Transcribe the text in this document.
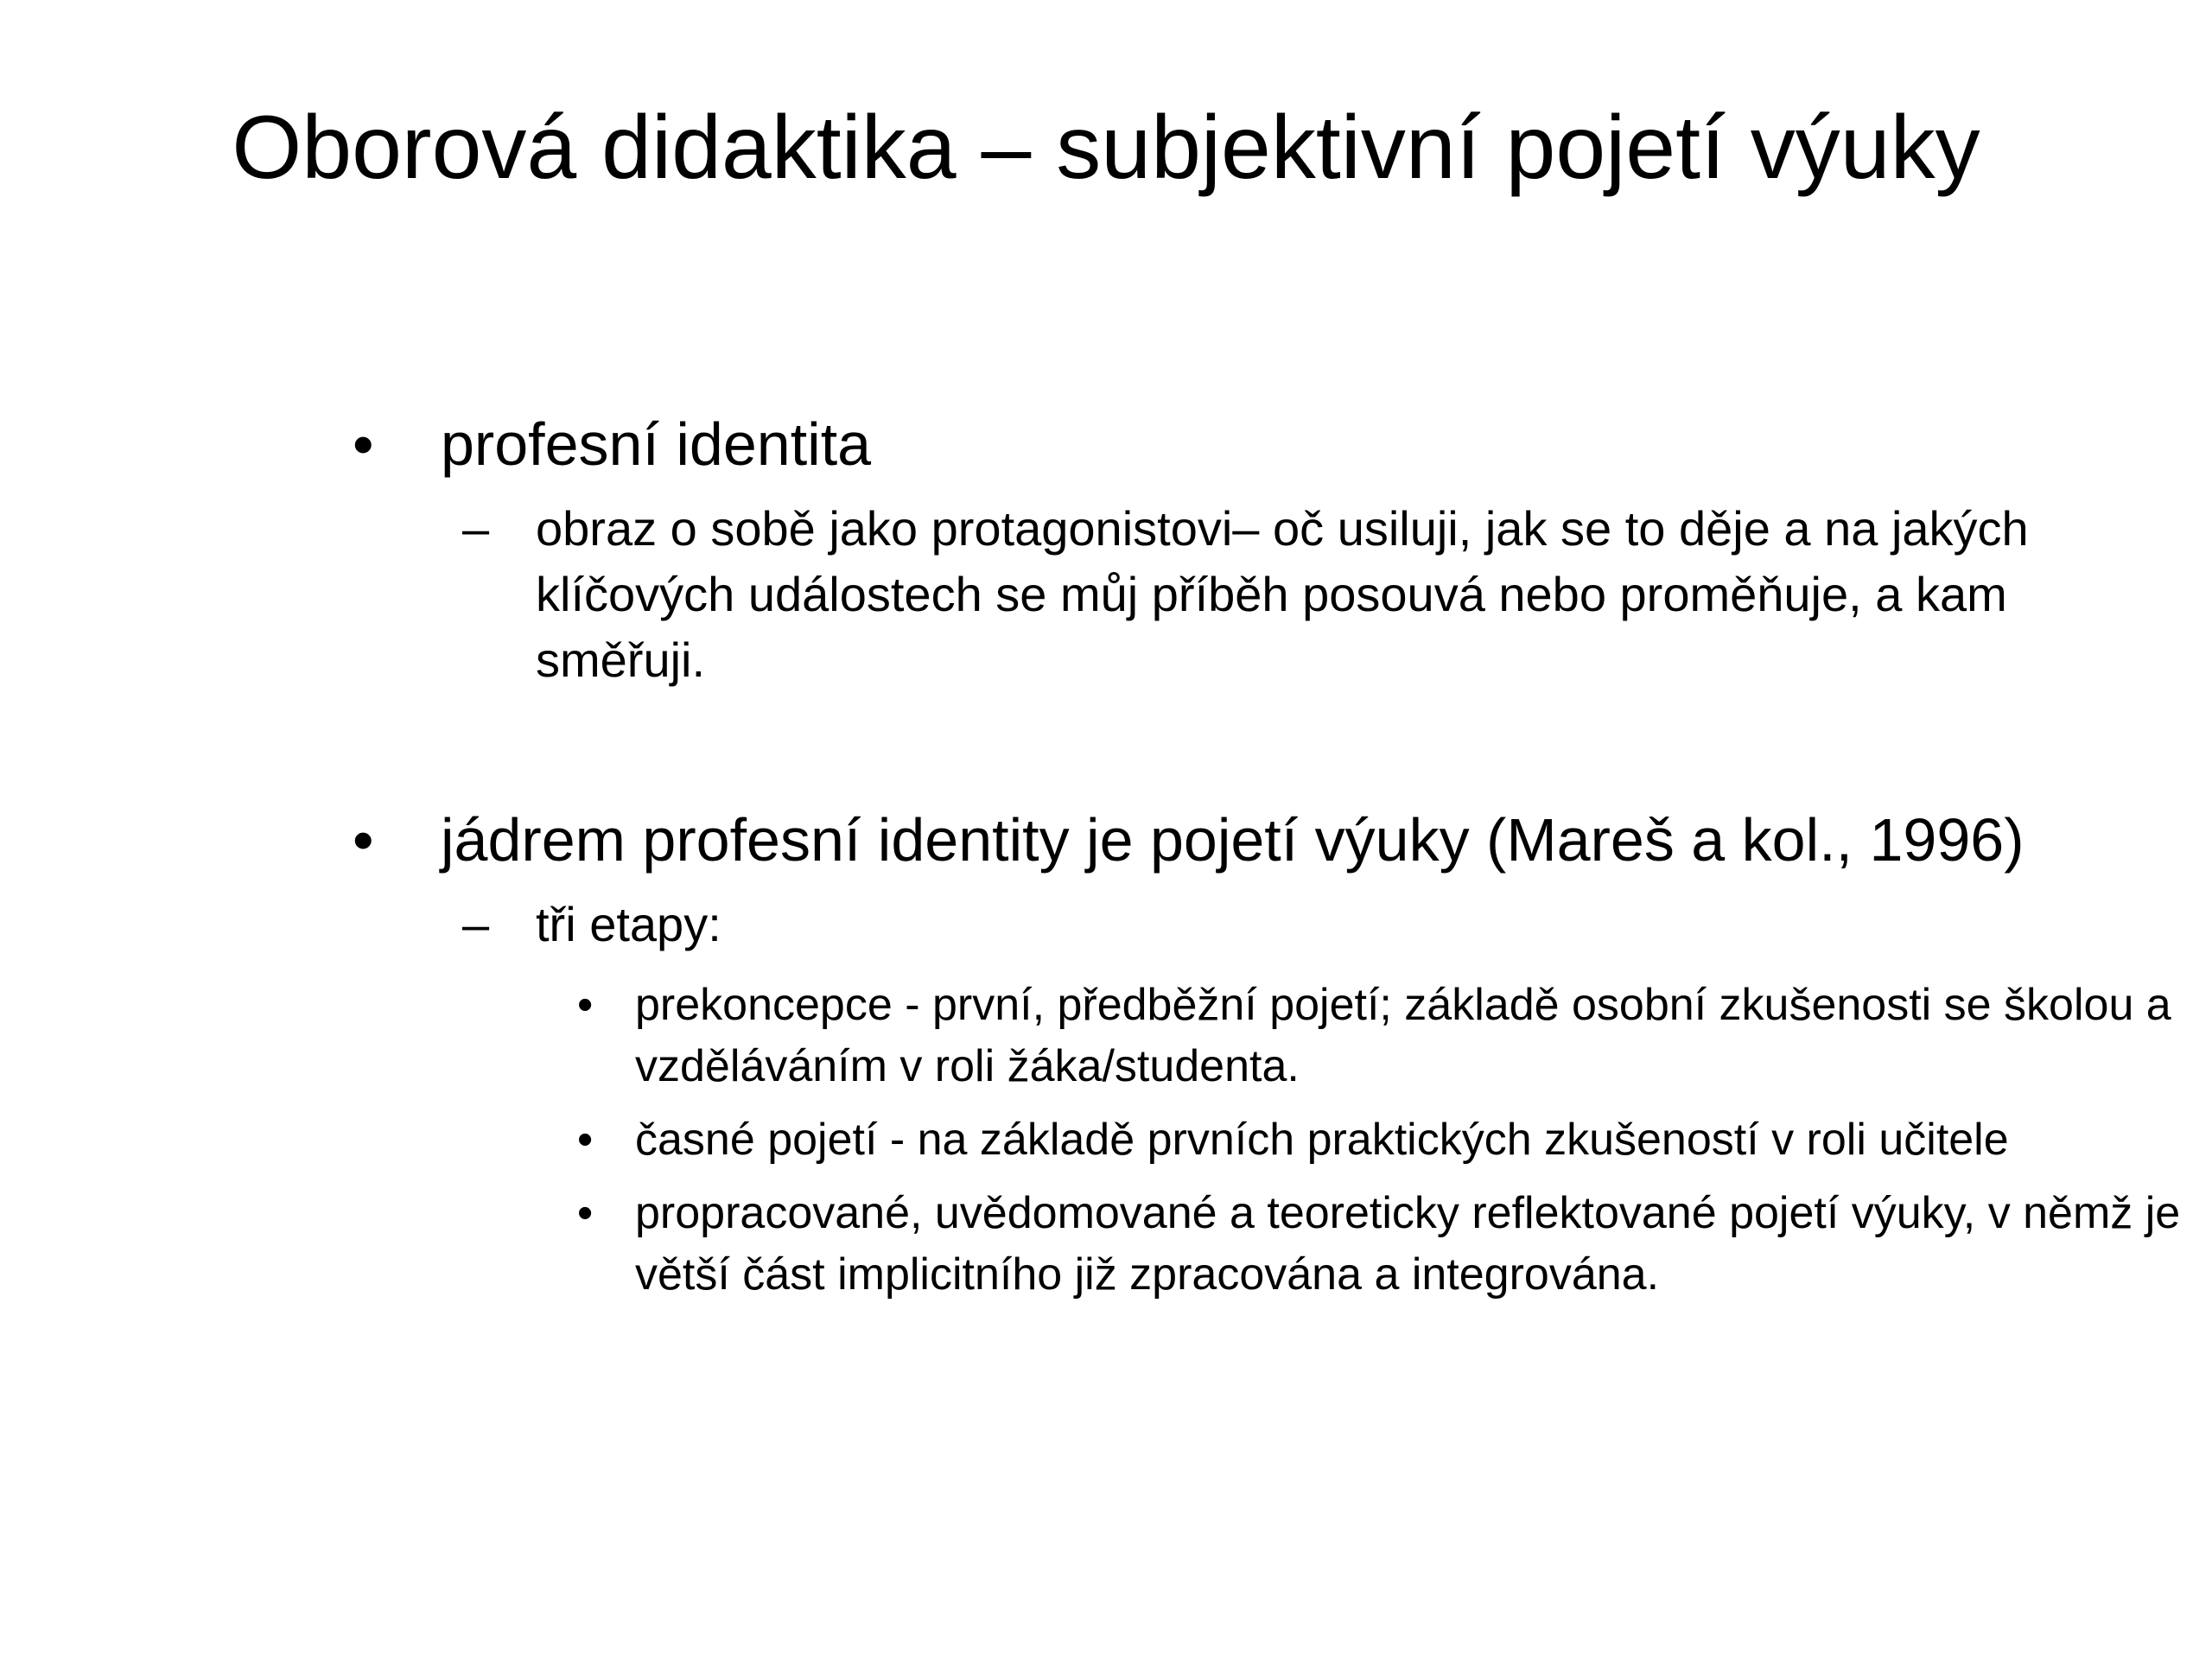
Oborová didaktika – subjektivní pojetí výuky
• profesní identita
– obraz o sobě jako protagonistovi– oč usiluji, jak se to děje a na jakých klíčových událostech se můj příběh posouvá nebo proměňuje, a kam směřuji.
• jádrem profesní identity je pojetí výuky (Mareš a kol., 1996)
– tři etapy:
• prekoncepce - první, předběžní pojetí; základě osobní zkušenosti se školou a vzděláváním v roli žáka/studenta.
• časné pojetí - na základě prvních praktických zkušeností v roli učitele
• propracované, uvědomované a teoreticky reflektované pojetí výuky, v němž je větší část implicitního již zpracována a integrována.
